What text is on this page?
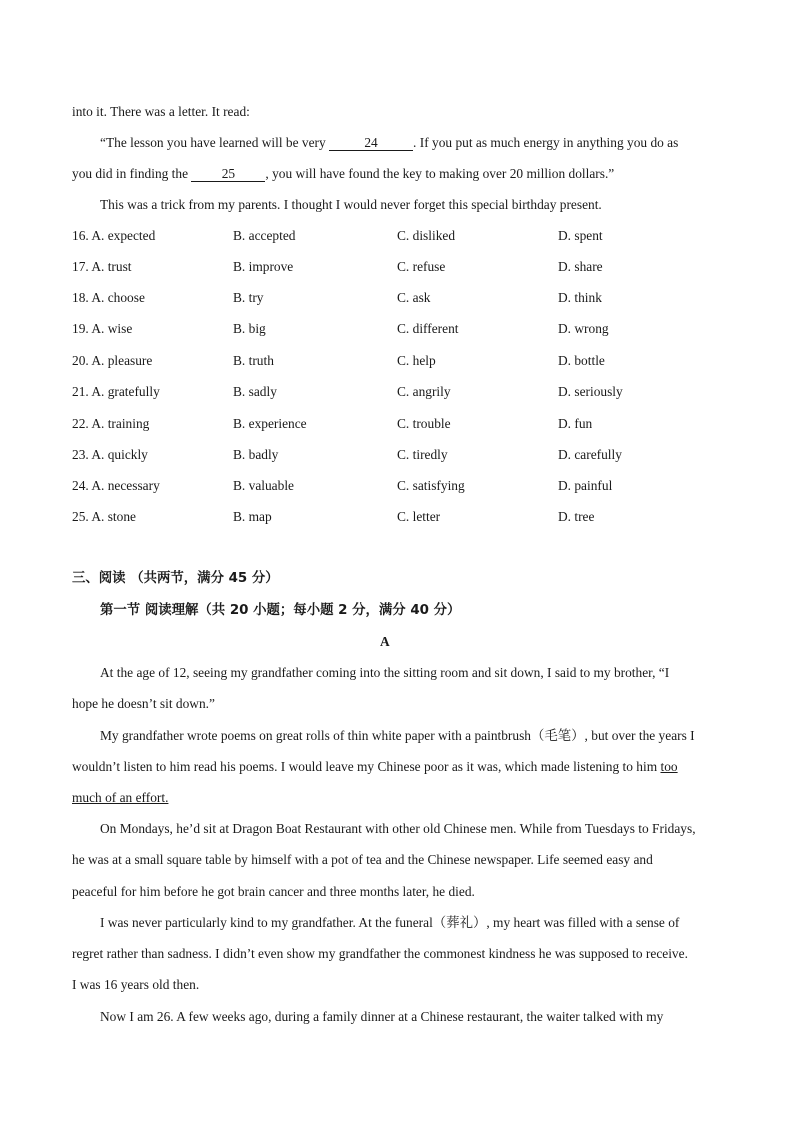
into it. There was a letter. It read:
“The lesson you have learned will be very	24	. If you put as much energy in anything you do as
you did in finding the 25 , you will have found the key to making over 20 million dollars.”
This was a trick from my parents. I thought I would never forget this special birthday present.
16. A. expected	B. accepted	C. disliked	D. spent
17. A. trust	B. improve	C. refuse	D. share
18. A. choose	B. try	C. ask	D. think
19. A. wise	B. big	C. different	D. wrong
20. A. pleasure	B. truth	C. help	D. bottle
21. A. gratefully	B. sadly	C. angrily	D. seriously
22. A. training	B. experience	C. trouble	D. fun
23. A. quickly	B. badly	C. tiredly	D. carefully
24. A. necessary	B. valuable	C. satisfying	D. painful
25. A. stone	B. map	C. letter	D. tree
三、阅读 （共两节，满分 45 分）
第一节 阅读理解（共 20 小题；每小题 2 分，满分 40 分）
A
At the age of 12, seeing my grandfather coming into the sitting room and sit down, I said to my brother, “I
hope he doesn’t sit down.”
My grandfather wrote poems on great rolls of thin white paper with a paintbrush（毛笔）, but over the years I
wouldn’t listen to him read his poems. I would leave my Chinese poor as it was, which made listening to him too
much of an effort.
On Mondays, he’d sit at Dragon Boat Restaurant with other old Chinese men. While from Tuesdays to Fridays,
he was at a small square table by himself with a pot of tea and the Chinese newspaper. Life seemed easy and
peaceful for him before he got brain cancer and three months later, he died.
I was never particularly kind to my grandfather. At the funeral（葬礼）, my heart was filled with a sense of
regret rather than sadness. I didn’t even show my grandfather the commonest kindness he was supposed to receive.
I was 16 years old then.
Now I am 26. A few weeks ago, during a family dinner at a Chinese restaurant, the waiter talked with my
